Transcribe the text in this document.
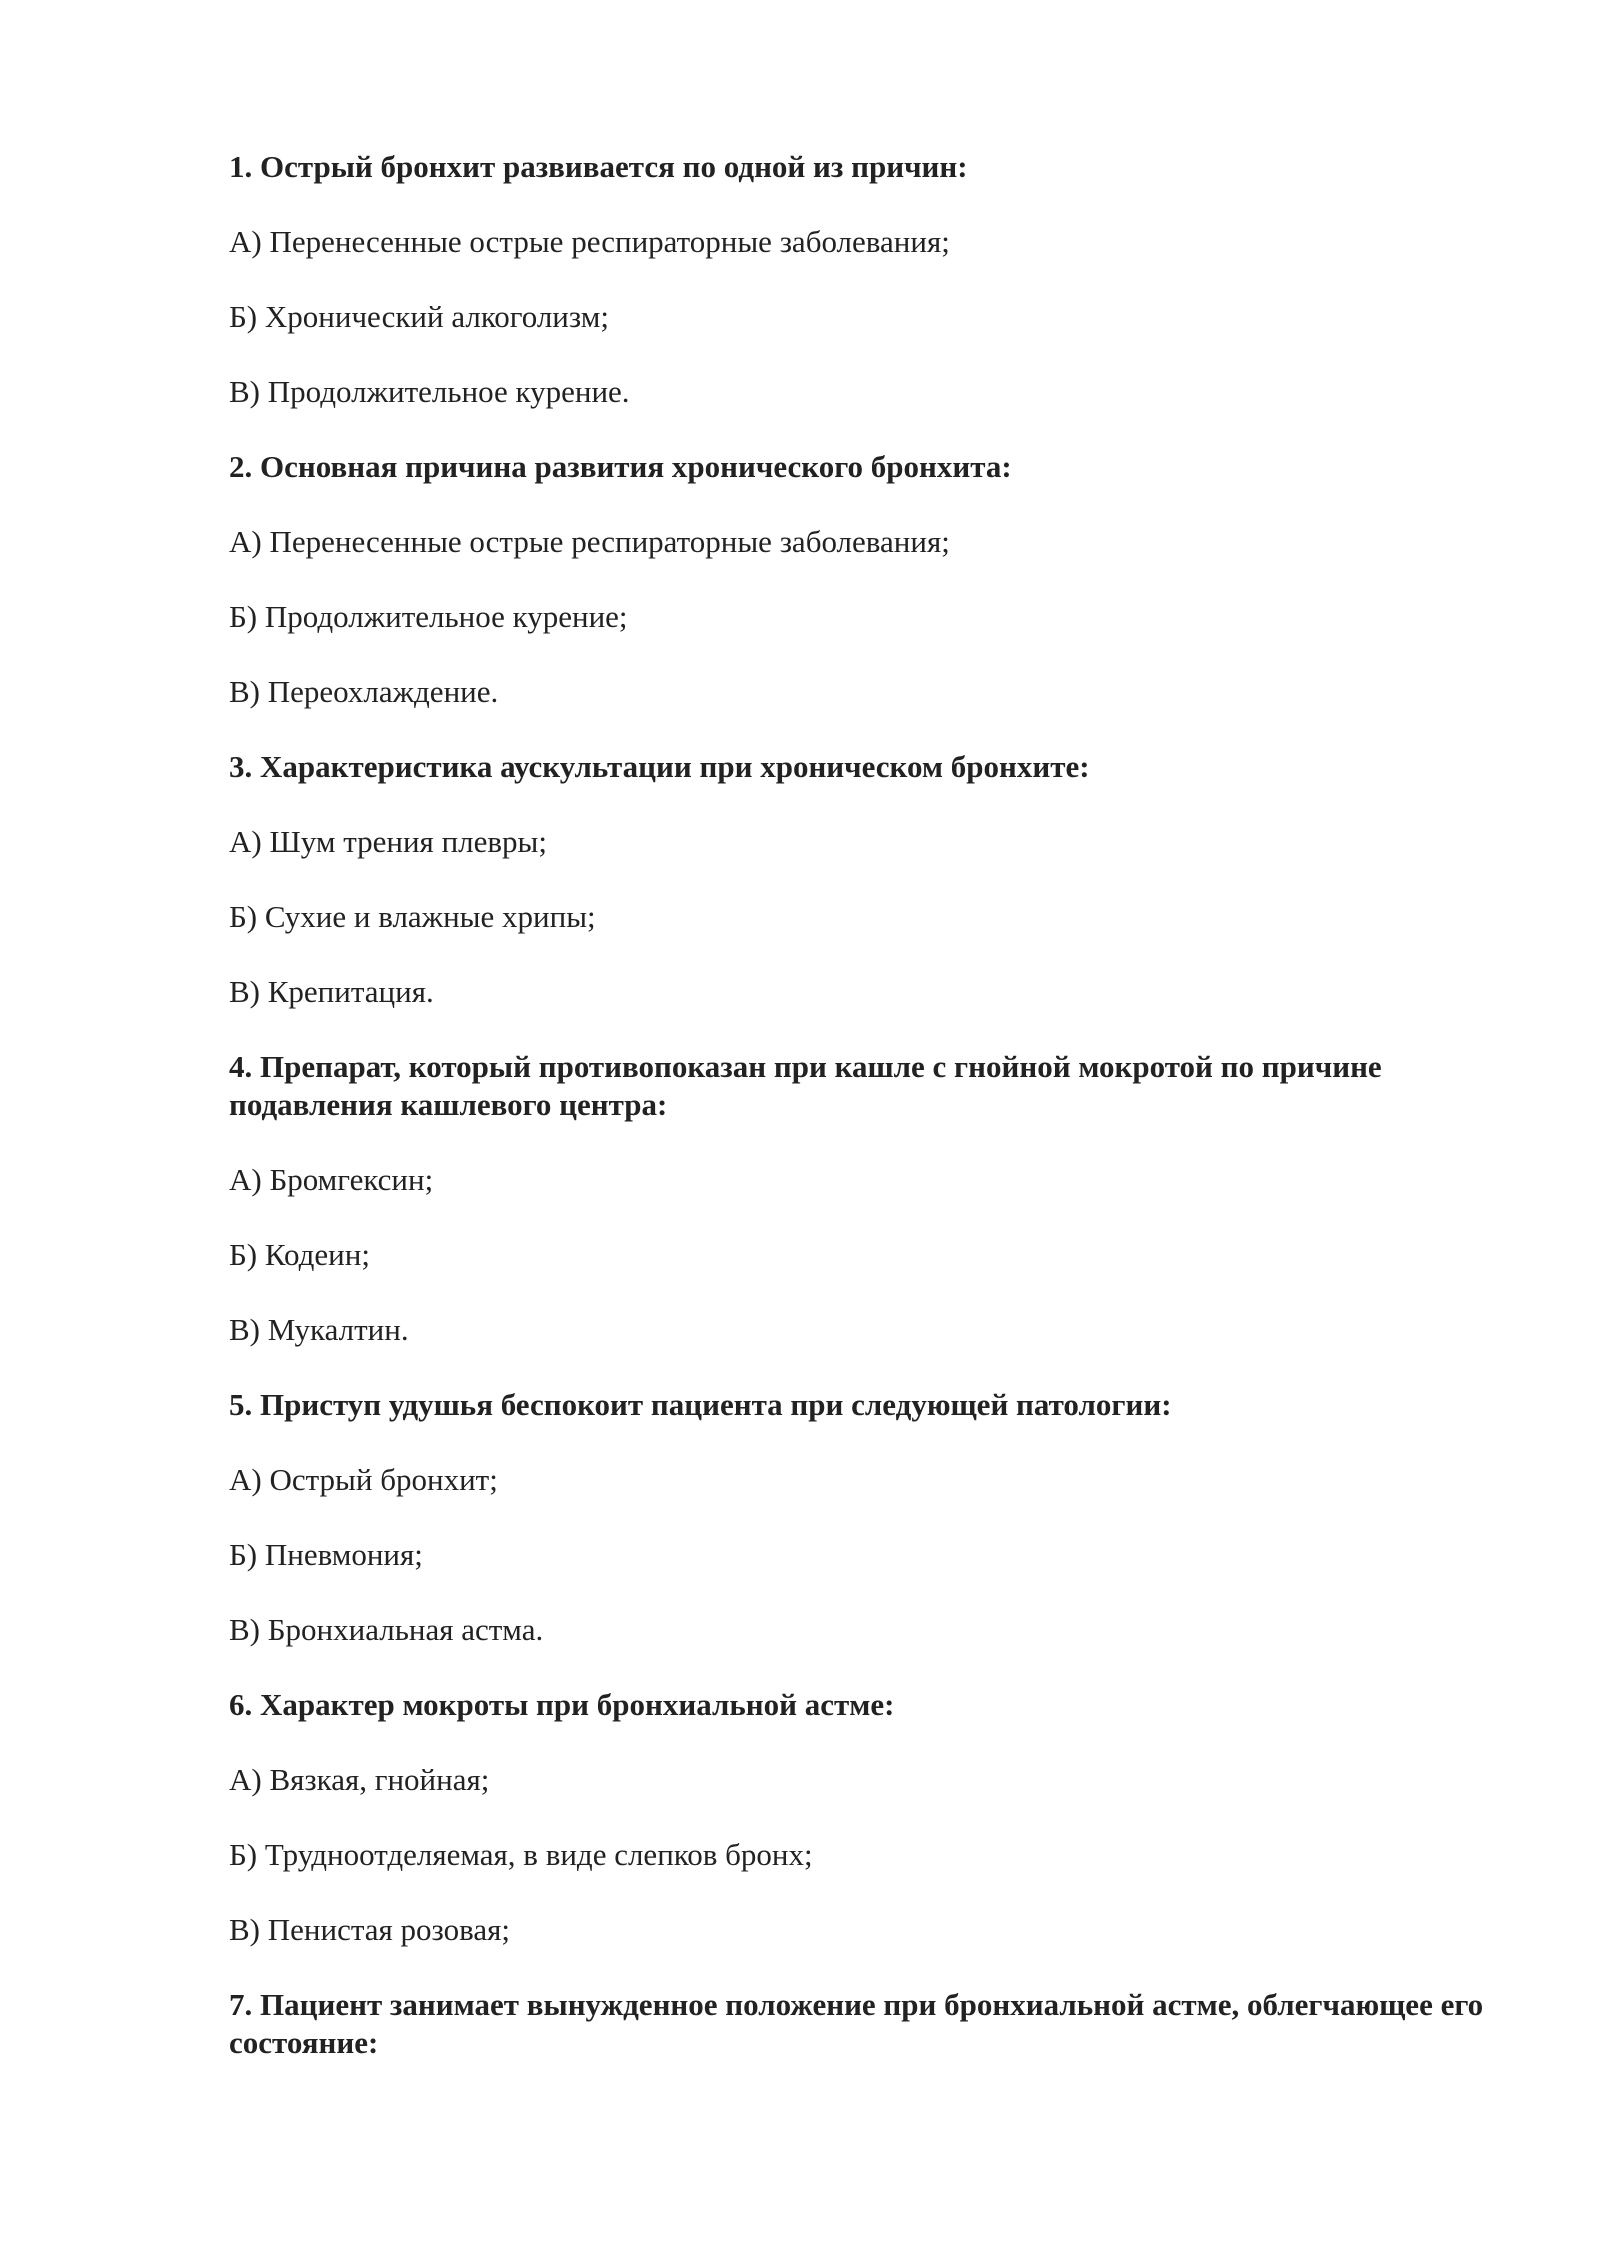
1. Острый бронхит развивается по одной из причин:

А) Перенесенные острые респираторные заболевания;

Б) Хронический алкоголизм;

В) Продолжительное курение.

2. Основная причина развития хронического бронхита:

А) Перенесенные острые респираторные заболевания;

Б) Продолжительное курение;

В) Переохлаждение.

3. Характеристика аускультации при хроническом бронхите:

А) Шум трения плевры;

Б) Сухие и влажные хрипы;

В) Крепитация.

4. Препарат, который противопоказан при кашле с гнойной мокротой по причине подавления кашлевого центра:

А) Бромгексин;

Б) Кодеин;

В) Мукалтин.

5. Приступ удушья беспокоит пациента при следующей патологии:

А) Острый бронхит;

Б) Пневмония;

В) Бронхиальная астма.

6. Характер мокроты при бронхиальной астме:

А) Вязкая, гнойная;

Б) Трудноотделяемая, в виде слепков бронх;

В) Пенистая розовая;

7. Пациент занимает вынужденное положение при бронхиальной астме, облегчающее его состояние:
